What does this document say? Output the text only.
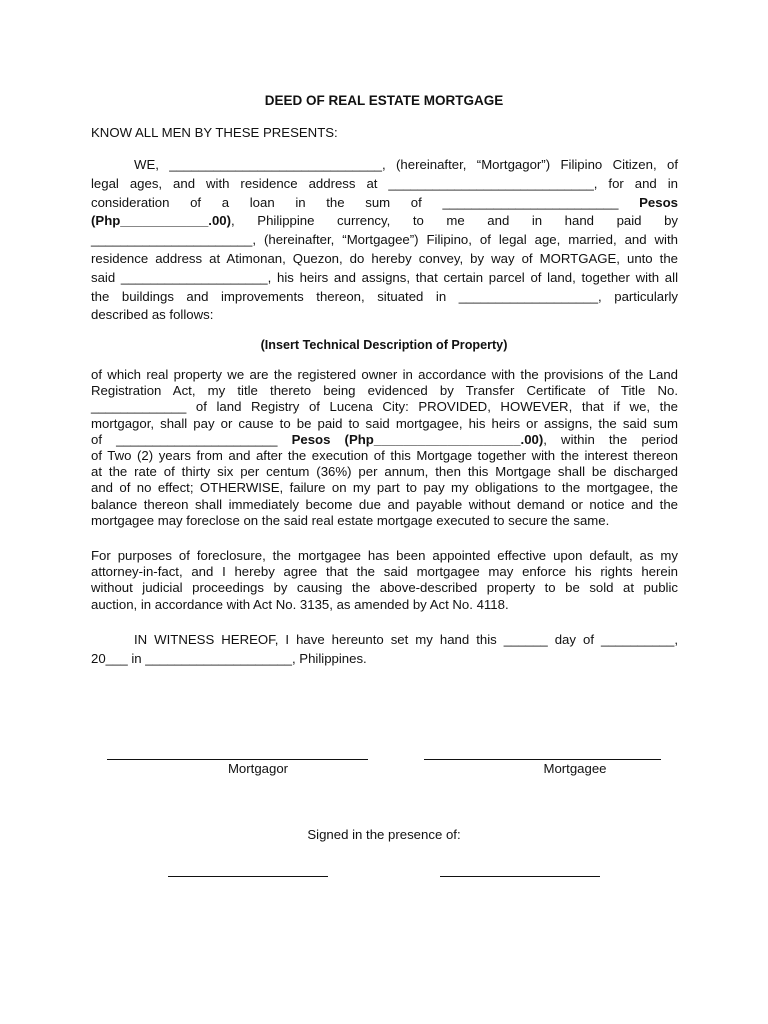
DEED OF REAL ESTATE MORTGAGE
KNOW ALL MEN BY THESE PRESENTS:
WE, _____________________________, (hereinafter, “Mortgagor”) Filipino Citizen, of
legal ages, and with residence address at ____________________________, for and in
consideration of a loan in the sum of ________________________ Pesos
(Php____________.00), Philippine currency, to me and in hand paid by
______________________, (hereinafter, “Mortgagee”) Filipino, of legal age, married, and with
residence address at Atimonan, Quezon, do hereby convey, by way of MORTGAGE, unto the
said ____________________, his heirs and assigns, that certain parcel of land, together with all
the buildings and improvements thereon, situated in ___________________, particularly
described as follows:
(Insert Technical Description of Property)
of which real property we are the registered owner in accordance with the provisions of the Land
Registration Act, my title thereto being evidenced by Transfer Certificate of Title No.
_____________ of land Registry of Lucena City: PROVIDED, HOWEVER, that if we, the
mortgagor, shall pay or cause to be paid to said mortgagee, his heirs or assigns, the said sum
of ______________________ Pesos (Php____________________.00), within the period
of Two (2) years from and after the execution of this Mortgage together with the interest thereon
at the rate of thirty six per centum (36%) per annum, then this Mortgage shall be discharged
and of no effect; OTHERWISE, failure on my part to pay my obligations to the mortgagee, the
balance thereon shall immediately become due and payable without demand or notice and the
mortgagee may foreclose on the said real estate mortgage executed to secure the same.
For purposes of foreclosure, the mortgagee has been appointed effective upon default, as my
attorney-in-fact, and I hereby agree that the said mortgagee may enforce his rights herein
without judicial proceedings by causing the above-described property to be sold at public
auction, in accordance with Act No. 3135, as amended by Act No. 4118.
IN WITNESS HEREOF, I have hereunto set my hand this ______ day of __________,
20___ in ____________________, Philippines.
Mortgagor	Mortgagee
Signed in the presence of:
